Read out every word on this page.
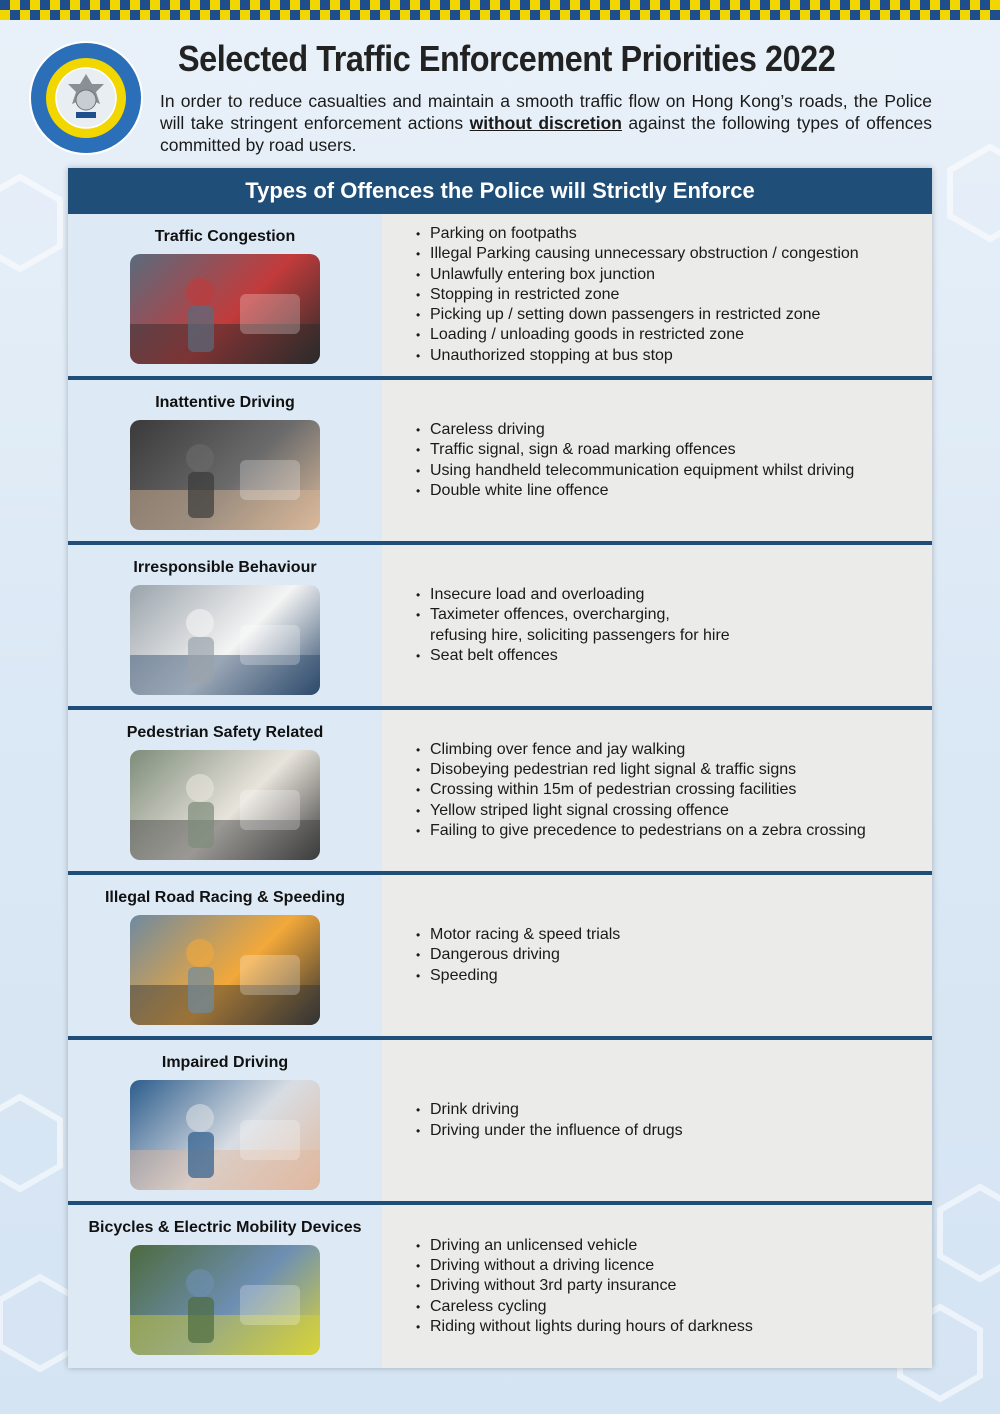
Selected Traffic Enforcement Priorities 2022

In order to reduce casualties and maintain a smooth traffic flow on Hong Kong’s roads, the Police will take stringent enforcement actions without discretion against the following types of offences committed by road users.

Types of Offences the Police will Strictly Enforce
Traffic Congestion
•	Parking on footpaths
• Illegal Parking causing unnecessary obstruction / congestion
• Unlawfully entering box junction
• Stopping in restricted zone
• Picking up / setting down passengers in restricted zone
• Loading / unloading goods in restricted zone
• Unauthorized stopping at bus stop
Inattentive Driving
• Careless driving
• Traffic signal, sign & road marking offences
• Using handheld telecommunication equipment whilst driving
• Double white line offence
Irresponsible Behaviour
• Insecure load and overloading
• Taximeter offences, overcharging,
refusing hire, soliciting passengers for hire
• Seat belt offences
Pedestrian Safety Related
• Climbing over fence and jay walking
• Disobeying pedestrian red light signal & traffic signs
• Crossing within 15m of pedestrian crossing facilities
• Yellow striped light signal crossing offence
• Failing to give precedence to pedestrians on a zebra crossing
Illegal Road Racing & Speeding
• Motor racing & speed trials
• Dangerous driving
• Speeding
Impaired Driving
• Drink driving
• Driving under the influence of drugs
Bicycles & Electric Mobility Devices
• Driving an unlicensed vehicle
• Driving without a driving licence
• Driving without 3rd party insurance
• Careless cycling
• Riding without lights during hours of darkness
